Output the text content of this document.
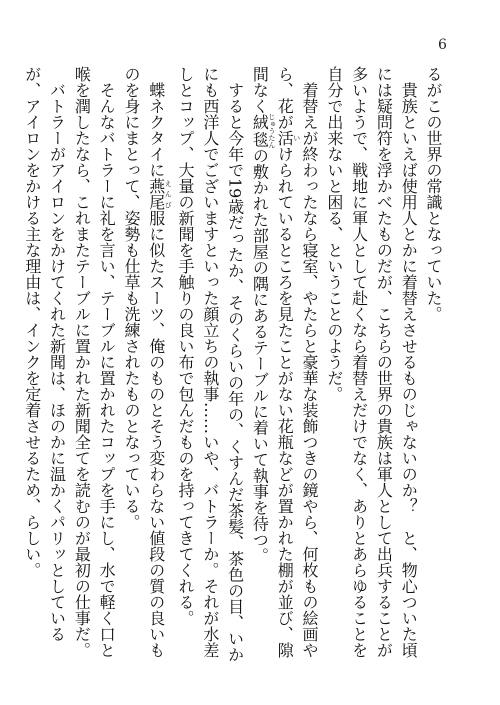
6

るがこの世界の常識となっていた。

貴族といえば使用人とかに着替えさせるものじゃないのか？　と、物心ついた頃には疑問符を浮かべたものだが、こちらの世界の貴族は軍人として出兵することが多いようで、戦地に軍人として赴くなら着替えだけでなく、ありとあらゆることを自分で出来ないと困る、ということのようだ。

着替えが終わったなら寝室、やたらと豪華な装飾つきの鏡やら、何枚もの絵画やら、花が活いけられているところを見たことがない花瓶などが置かれた棚が並び、隙間なく絨毯じゅうたんの敷かれた部屋の隅にあるテーブルに着いて執事を待つ。

すると今年で19歳だったか、そのくらいの年の、くすんだ茶髪、茶色の目、いかにも西洋人でございますといった顔立ちの執事……いや、バトラーか。それが水差しとコップ、大量の新聞を手触りの良い布で包んだものを持ってきてくれる。

蝶ネクタイに燕尾えんび服に似たスーツ、俺のものとそう変わらない値段の質の良いものを身にまとって、姿勢も仕草も洗練されたものとなっている。

そんなバトラーに礼を言い、テーブルに置かれたコップを手にし、水で軽く口と喉を潤したなら、これまたテーブルに置かれた新聞全てを読むのが最初の仕事だ。

バトラーがアイロンをかけてくれた新聞は、ほのかに温かくパリッとしているが、アイロンをかける主な理由は、インクを定着させるため、らしい。
